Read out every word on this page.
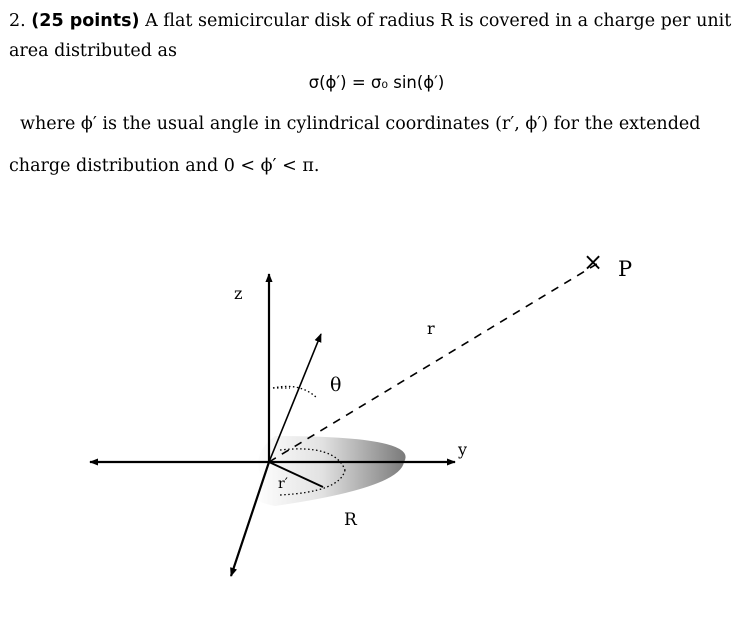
2. (25 points) A flat semicircular disk of radius R is covered in a charge per unit
area distributed as
σ(ϕ′) = σ₀ sin(ϕ′)
where ϕ′ is the usual angle in cylindrical coordinates (r′, ϕ′) for the extended
charge distribution and 0 < ϕ′ < π.
×
z
y
r
θ
r′
R
P
